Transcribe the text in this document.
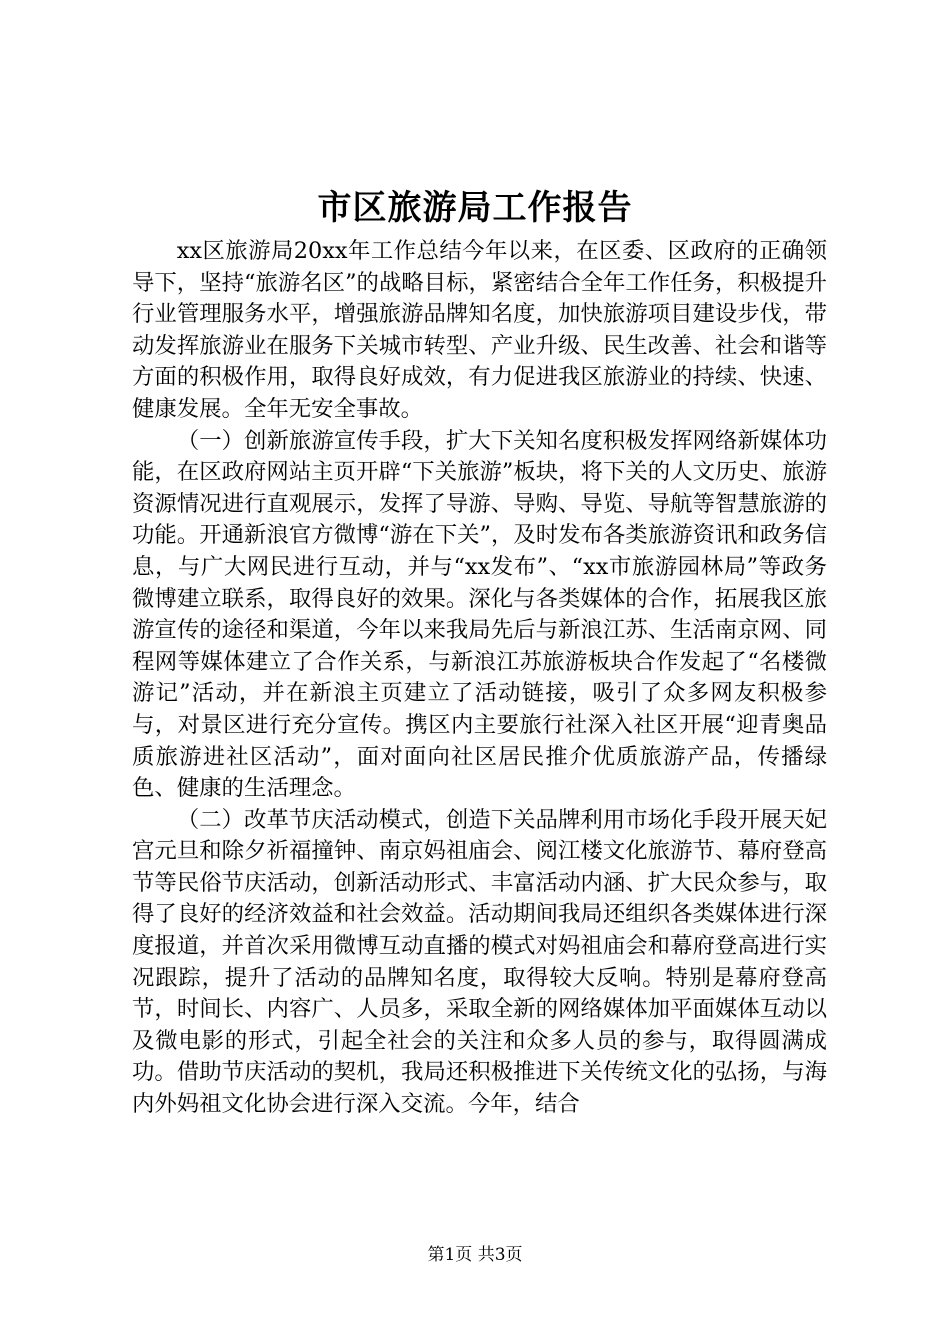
市区旅游局工作报告

xx区旅游局20xx年工作总结今年以来，在区委、区政府的正确领导下，坚持“旅游名区”的战略目标，紧密结合全年工作任务，积极提升行业管理服务水平，增强旅游品牌知名度，加快旅游项目建设步伐，带动发挥旅游业在服务下关城市转型、产业升级、民生改善、社会和谐等方面的积极作用，取得良好成效，有力促进我区旅游业的持续、快速、健康发展。全年无安全事故。

（一）创新旅游宣传手段，扩大下关知名度积极发挥网络新媒体功能，在区政府网站主页开辟“下关旅游”板块，将下关的人文历史、旅游资源情况进行直观展示，发挥了导游、导购、导览、导航等智慧旅游的功能。开通新浪官方微博“游在下关”，及时发布各类旅游资讯和政务信息，与广大网民进行互动，并与“xx发布”、“xx市旅游园林局”等政务微博建立联系，取得良好的效果。深化与各类媒体的合作，拓展我区旅游宣传的途径和渠道，今年以来我局先后与新浪江苏、生活南京网、同程网等媒体建立了合作关系，与新浪江苏旅游板块合作发起了“名楼微游记”活动，并在新浪主页建立了活动链接，吸引了众多网友积极参与，对景区进行充分宣传。携区内主要旅行社深入社区开展“迎青奥品质旅游进社区活动”，面对面向社区居民推介优质旅游产品，传播绿色、健康的生活理念。

（二）改革节庆活动模式，创造下关品牌利用市场化手段开展天妃宫元旦和除夕祈福撞钟、南京妈祖庙会、阅江楼文化旅游节、幕府登高节等民俗节庆活动，创新活动形式、丰富活动内涵、扩大民众参与，取得了良好的经济效益和社会效益。活动期间我局还组织各类媒体进行深度报道，并首次采用微博互动直播的模式对妈祖庙会和幕府登高进行实况跟踪，提升了活动的品牌知名度，取得较大反响。特别是幕府登高节，时间长、内容广、人员多，采取全新的网络媒体加平面媒体互动以及微电影的形式，引起全社会的关注和众多人员的参与，取得圆满成功。借助节庆活动的契机，我局还积极推进下关传统文化的弘扬，与海内外妈祖文化协会进行深入交流。今年，结合

第1页 共3页
